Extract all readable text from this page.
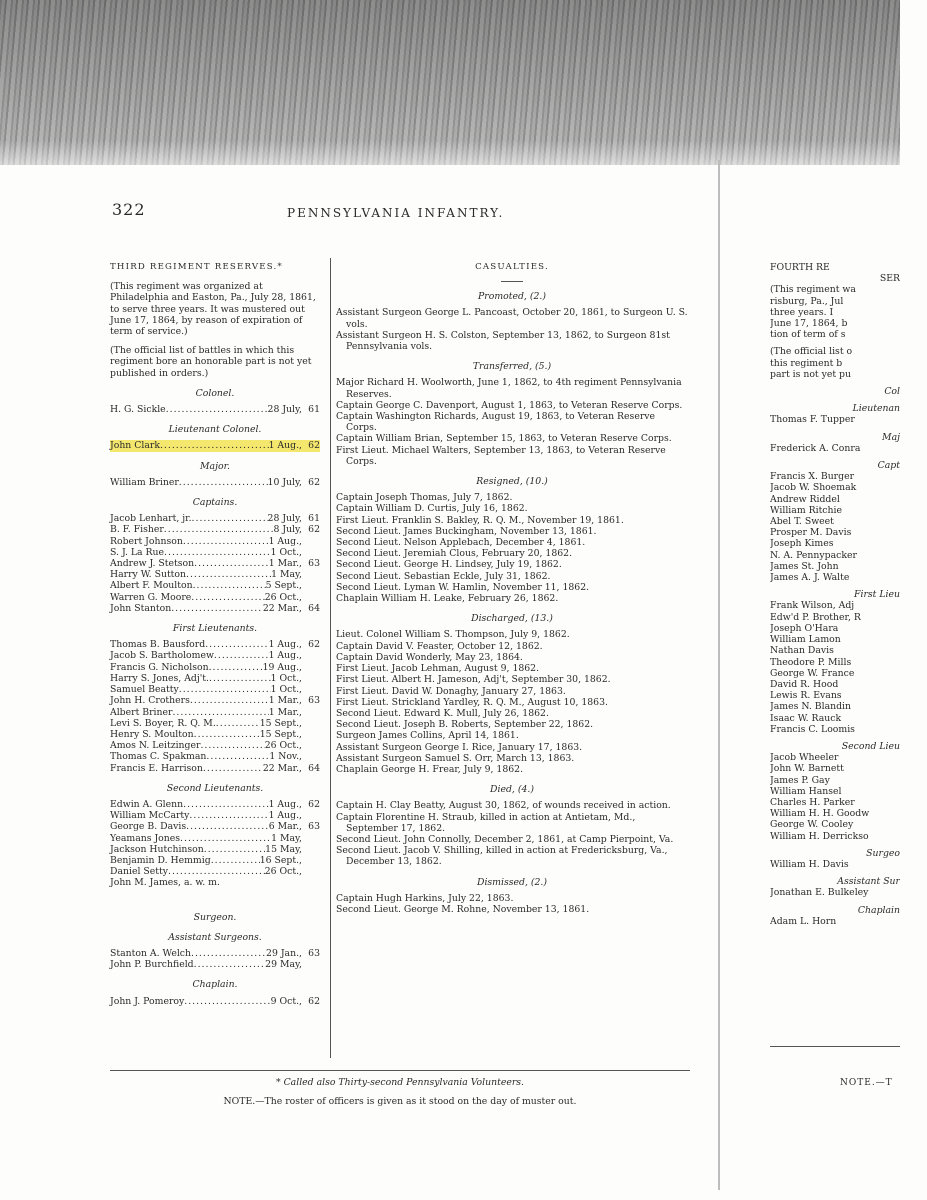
322	PENNSYLVANIA INFANTRY.
THIRD REGIMENT RESERVES.*

(This regiment was organized at Philadelphia and Easton, Pa., July 28, 1861, to serve three years. It was mustered out June 17, 1864, by reason of expiration of term of service.)

(The official list of battles in which this regiment bore an honorable part is not yet published in orders.)

Colonel.
H. G. Sickle .....	28 July, 61
Lieutenant Colonel.
John Clark .....	1 Aug., 62
Major.
William Briner .....	10 July, 62
Captains.
Jacob Lenhart, jr. .....	28 July, 61
B. F. Fisher .....	8 July, 62
Robert Johnson .....	1 Aug.,
S. J. La Rue .....	1 Oct.,
Andrew J. Stetson .....	1 Mar., 63
Harry W. Sutton .....	1 May,
Albert F. Moulton .....	5 Sept.,
Warren G. Moore .....	26 Oct.,
John Stanton .....	22 Mar., 64
First Lieutenants.
Thomas B. Bausford .....	1 Aug., 62
Jacob S. Bartholomew .....	1 Aug.,
Francis G. Nicholson .....	19 Aug.,
Harry S. Jones, Adj't. .....	1 Oct.,
Samuel Beatty .....	1 Oct.,
John H. Crothers .....	1 Mar., 63
Albert Briner .....	1 Mar.,
Levi S. Boyer, R. Q. M. .....	15 Sept.,
Henry S. Moulton .....	15 Sept.,
Amos N. Leitzinger .....	26 Oct.,
Thomas C. Spakman .....	1 Nov.,
Francis E. Harrison .....	22 Mar., 64
Second Lieutenants.
Edwin A. Glenn .....	1 Aug., 62
William McCarty .....	1 Aug.,
George B. Davis .....	6 Mar., 63
Yeamans Jones .....	1 May,
Jackson Hutchinson .....	15 May,
Benjamin D. Hemmig .....	16 Sept.,
Daniel Setty .....	26 Oct.,
John M. James, a. w. m.
Surgeon.
Assistant Surgeons.
Stanton A. Welch .....	29 Jan., 63
John P. Burchfield .....	29 May,
Chaplain.
John J. Pomeroy .....	9 Oct., 62
CASUALTIES.
Promoted, (2.)

Assistant Surgeon George L. Pancoast, October 20, 1861, to Surgeon U. S. vols.

Assistant Surgeon H. S. Colston, September 13, 1862, to Surgeon 81st Pennsylvania vols.

Transferred, (5.)

Major Richard H. Woolworth, June 1, 1862, to 4th regiment Pennsylvania Reserves.

Captain George C. Davenport, August 1, 1863, to Veteran Reserve Corps.

Captain Washington Richards, August 19, 1863, to Veteran Reserve Corps.

Captain William Brian, September 15, 1863, to Veteran Reserve Corps.

First Lieut. Michael Walters, September 13, 1863, to Veteran Reserve Corps.

Resigned, (10.)

Captain Joseph Thomas, July 7, 1862.

Captain William D. Curtis, July 16, 1862.

First Lieut. Franklin S. Bakley, R. Q. M., November 19, 1861.

Second Lieut. James Buckingham, November 13, 1861.

Second Lieut. Nelson Applebach, December 4, 1861.

Second Lieut. Jeremiah Clous, February 20, 1862.

Second Lieut. George H. Lindsey, July 19, 1862.

Second Lieut. Sebastian Eckle, July 31, 1862.

Second Lieut. Lyman W. Hamlin, November 11, 1862.

Chaplain William H. Leake, February 26, 1862.

Discharged, (13.)

Lieut. Colonel William S. Thompson, July 9, 1862.

Captain David V. Feaster, October 12, 1862.

Captain David Wonderly, May 23, 1864.

First Lieut. Jacob Lehman, August 9, 1862.

First Lieut. Albert H. Jameson, Adj't, September 30, 1862.

First Lieut. David W. Donaghy, January 27, 1863.

First Lieut. Strickland Yardley, R. Q. M., August 10, 1863.

Second Lieut. Edward K. Mull, July 26, 1862.

Second Lieut. Joseph B. Roberts, September 22, 1862.

Surgeon James Collins, April 14, 1861.

Assistant Surgeon George I. Rice, January 17, 1863.

Assistant Surgeon Samuel S. Orr, March 13, 1863.

Chaplain George H. Frear, July 9, 1862.

Died, (4.)

Captain H. Clay Beatty, August 30, 1862, of wounds received in action.

Captain Florentine H. Straub, killed in action at Antietam, Md., September 17, 1862.

Second Lieut. John Connolly, December 2, 1861, at Camp Pierpoint, Va.

Second Lieut. Jacob V. Shilling, killed in action at Fredericksburg, Va., December 13, 1862.

Dismissed, (2.)

Captain Hugh Harkins, July 22, 1863.

Second Lieut. George M. Rohne, November 13, 1861.

FOURTH RE
SER
(This regiment wa
risburg, Pa., Jul
three years. I
June 17, 1864, b
tion of term of s
(The official list o
this regiment b
part is not yet pu
Col
Lieutenan
Thomas F. Tupper
Maj
Frederick A. Conra
Capt
Francis X. Burger
Jacob W. Shoemak
Andrew Riddel
William Ritchie
Abel T. Sweet
Prosper M. Davis
Joseph Kimes
N. A. Pennypacker
James St. John
James A. J. Walte
First Lieu
Frank Wilson, Adj
Edw'd P. Brother, R
Joseph O'Hara
William Lamon
Nathan Davis
Theodore P. Mills
George W. France
David R. Hood
Lewis R. Evans
James N. Blandin
Isaac W. Rauck
Francis C. Loomis
Second Lieu
Jacob Wheeler
John W. Barnett
James P. Gay
William Hansel
Charles H. Parker
William H. H. Goodw
George W. Cooley
William H. Derrickso
Surgeo
William H. Davis
Assistant Sur
Jonathan E. Bulkeley
Chaplain
Adam L. Horn
* Called also Thirty-second Pennsylvania Volunteers.
NOTE.—The roster of officers is given as it stood on the day of muster out.
NOTE.—T
